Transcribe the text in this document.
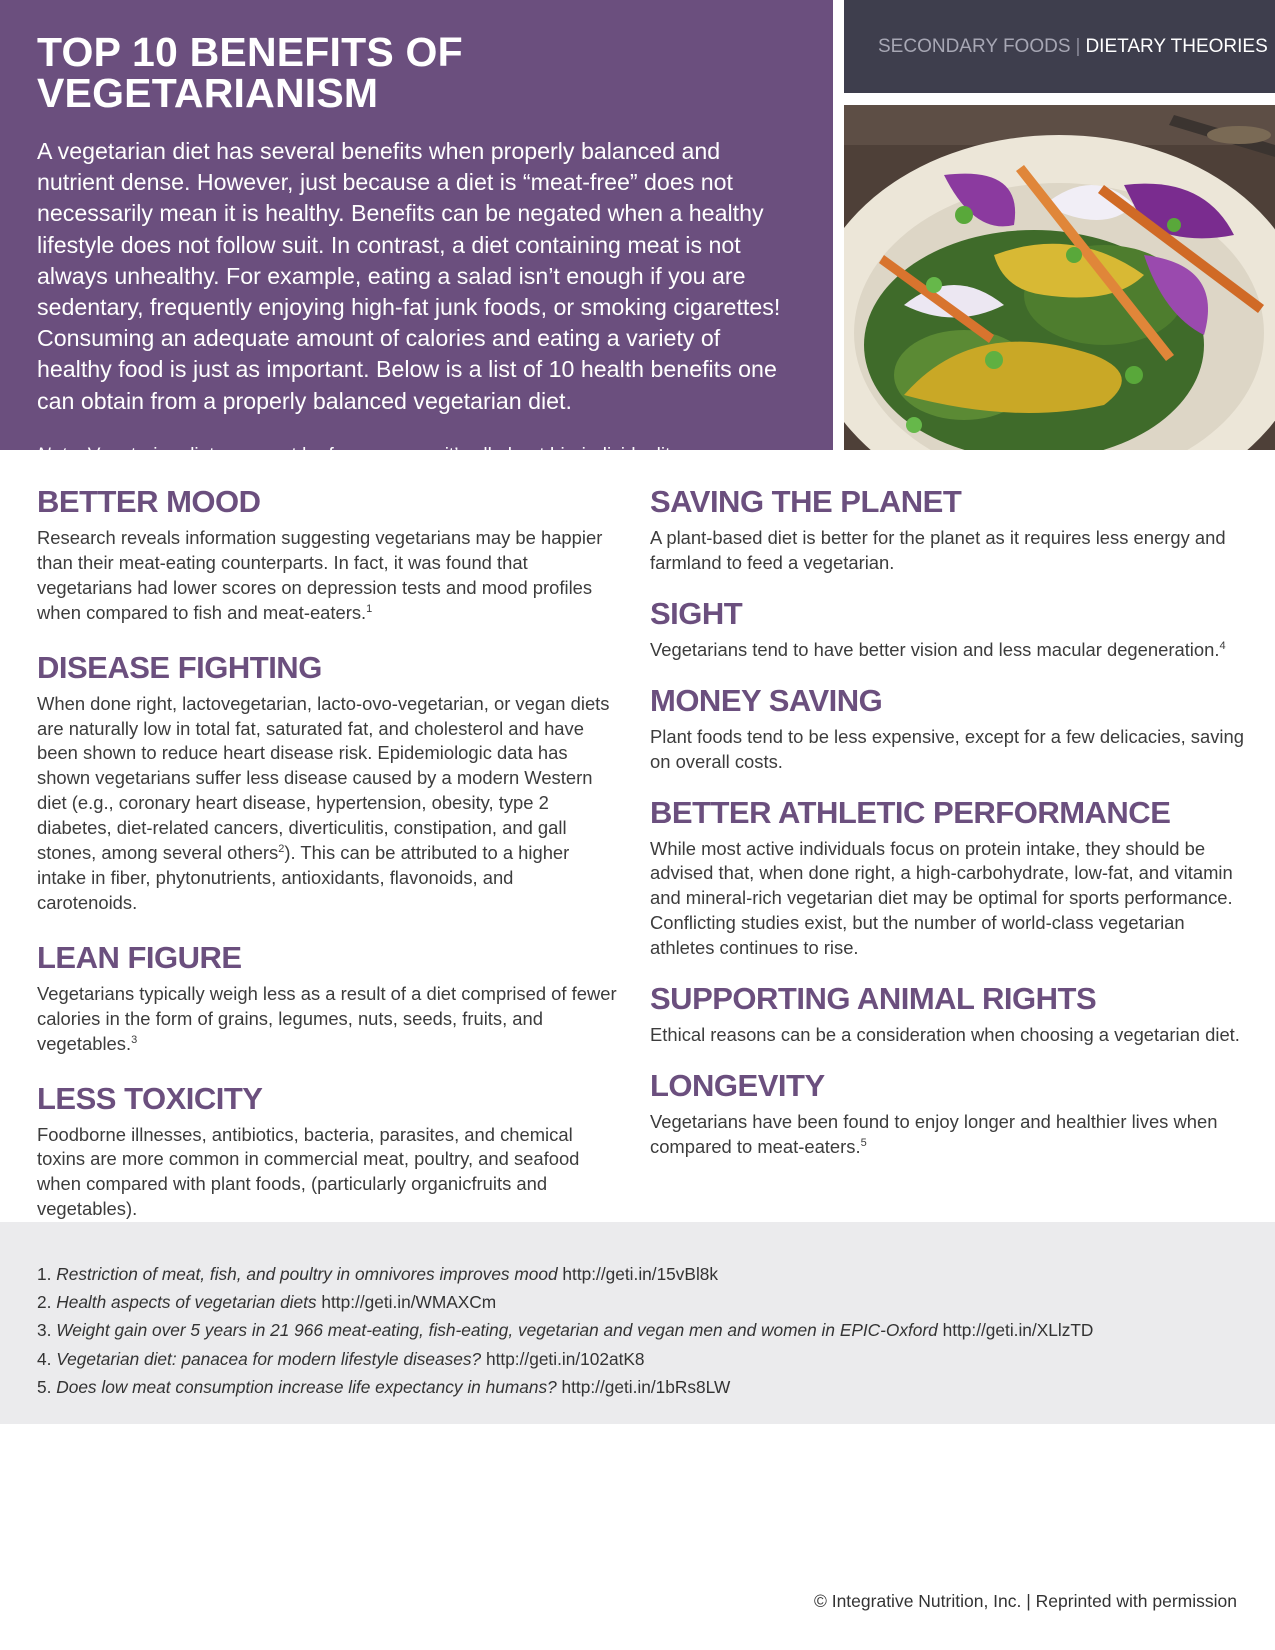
TOP 10 BENEFITS OF VEGETARIANISM

A vegetarian diet has several benefits when properly balanced and nutrient dense. However, just because a diet is “meat-free” does not necessarily mean it is healthy. Benefits can be negated when a healthy lifestyle does not follow suit. In contrast, a diet containing meat is not always unhealthy. For example, eating a salad isn’t enough if you are sedentary, frequently enjoying high-fat junk foods, or smoking cigarettes! Consuming an adequate amount of calories and eating a variety of healthy food is just as important. Below is a list of 10 health benefits one can obtain from a properly balanced vegetarian diet.

Note: Vegetarian diets may not be for everyone, it’s all about bio-individuality.

SECONDARY FOODS | DIETARY THEORIES
BETTER MOOD

Research reveals information suggesting vegetarians may be happier than their meat-eating counterparts. In fact, it was found that vegetarians had lower scores on depression tests and mood profiles when compared to fish and meat-eaters.$^1$

DISEASE FIGHTING

When done right, lactovegetarian, lacto-ovo-vegetarian, or vegan diets are naturally low in total fat, saturated fat, and cholesterol and have been shown to reduce heart disease risk. Epidemiologic data has shown vegetarians suffer less disease caused by a modern Western diet (e.g., coronary heart disease, hypertension, obesity, type 2 diabetes, diet-related cancers, diverticulitis, constipation, and gall stones, among several others$^2$). This can be attributed to a higher intake in fiber, phytonutrients, antioxidants, flavonoids, and carotenoids.

LEAN FIGURE

Vegetarians typically weigh less as a result of a diet comprised of fewer calories in the form of grains, legumes, nuts, seeds, fruits, and vegetables.$^3$

LESS TOXICITY

Foodborne illnesses, antibiotics, bacteria, parasites, and chemical toxins are more common in commercial meat, poultry, and seafood when compared with plant foods, (particularly organicfruits and vegetables).

SAVING THE PLANET

A plant-based diet is better for the planet as it requires less energy and farmland to feed a vegetarian.

SIGHT

Vegetarians tend to have better vision and less macular degeneration.$^4$

MONEY SAVING

Plant foods tend to be less expensive, except for a few delicacies, saving on overall costs.

BETTER ATHLETIC PERFORMANCE

While most active individuals focus on protein intake, they should be advised that, when done right, a high-carbohydrate, low-fat, and vitamin and mineral-rich vegetarian diet may be optimal for sports performance. Conflicting studies exist, but the number of world-class vegetarian athletes continues to rise.

SUPPORTING ANIMAL RIGHTS

Ethical reasons can be a consideration when choosing a vegetarian diet.

LONGEVITY

Vegetarians have been found to enjoy longer and healthier lives when compared to meat-eaters.$^5$

1. Restriction of meat, fish, and poultry in omnivores improves mood http://geti.in/15vBl8k
2. Health aspects of vegetarian diets http://geti.in/WMAXCm
3. Weight gain over 5 years in 21 966 meat-eating, fish-eating, vegetarian and vegan men and women in EPIC-Oxford http://geti.in/XLlzTD
4. Vegetarian diet: panacea for modern lifestyle diseases? http://geti.in/102atK8
5. Does low meat consumption increase life expectancy in humans? http://geti.in/1bRs8LW
© Integrative Nutrition, Inc. | Reprinted with permission
